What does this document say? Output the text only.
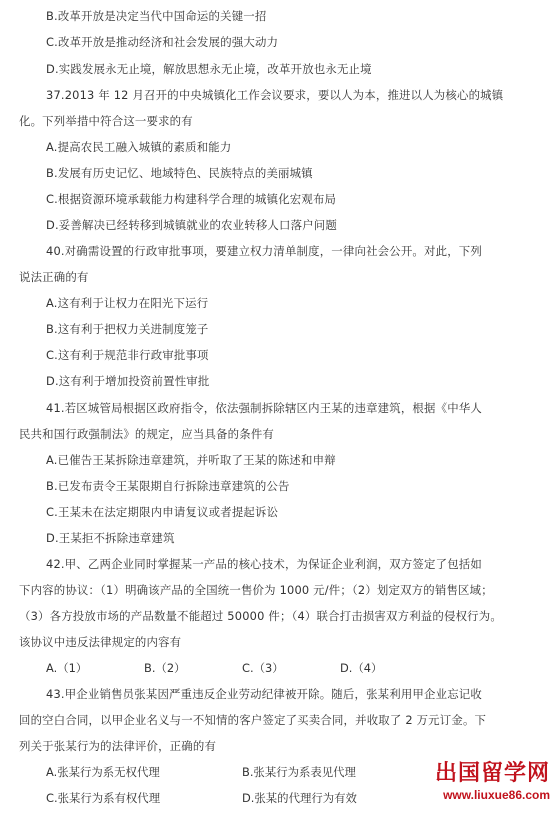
B.改革开放是决定当代中国命运的关键一招
C.改革开放是推动经济和社会发展的强大动力
D.实践发展永无止境，解放思想永无止境，改革开放也永无止境
37.2013 年 12 月召开的中央城镇化工作会议要求，要以人为本，推进以人为核心的城镇
化。下列举措中符合这一要求的有
A.提高农民工融入城镇的素质和能力
B.发展有历史记忆、地域特色、民族特点的美丽城镇
C.根据资源环境承载能力构建科学合理的城镇化宏观布局
D.妥善解决已经转移到城镇就业的农业转移人口落户问题
40.对确需设置的行政审批事项，要建立权力清单制度，一律向社会公开。对此，下列
说法正确的有
A.这有利于让权力在阳光下运行
B.这有利于把权力关进制度笼子
C.这有利于规范非行政审批事项
D.这有利于增加投资前置性审批
41.若区城管局根据区政府指令，依法强制拆除辖区内王某的违章建筑，根据《中华人
民共和国行政强制法》的规定，应当具备的条件有
A.已催告王某拆除违章建筑，并听取了王某的陈述和申辩
B.已发布责令王某限期自行拆除违章建筑的公告
C.王某未在法定期限内申请复议或者提起诉讼
D.王某拒不拆除违章建筑
42.甲、乙两企业同时掌握某一产品的核心技术，为保证企业利润，双方签定了包括如
下内容的协议：（1）明确该产品的全国统一售价为 1000 元/件；（2）划定双方的销售区域；
（3）各方投放市场的产品数量不能超过 50000 件；（4）联合打击损害双方利益的侵权行为。
该协议中违反法律规定的内容有
A.（1）	B.（2）	C.（3）	D.（4）
43.甲企业销售员张某因严重违反企业劳动纪律被开除。随后，张某利用甲企业忘记收
回的空白合同，以甲企业名义与一不知情的客户签定了买卖合同，并收取了 2 万元订金。下
列关于张某行为的法律评价，正确的有
A.张某行为系无权代理	B.张某行为系表见代理
C.张某行为系有权代理	D.张某的代理行为有效
出国留学网
www.liuxue86.com
